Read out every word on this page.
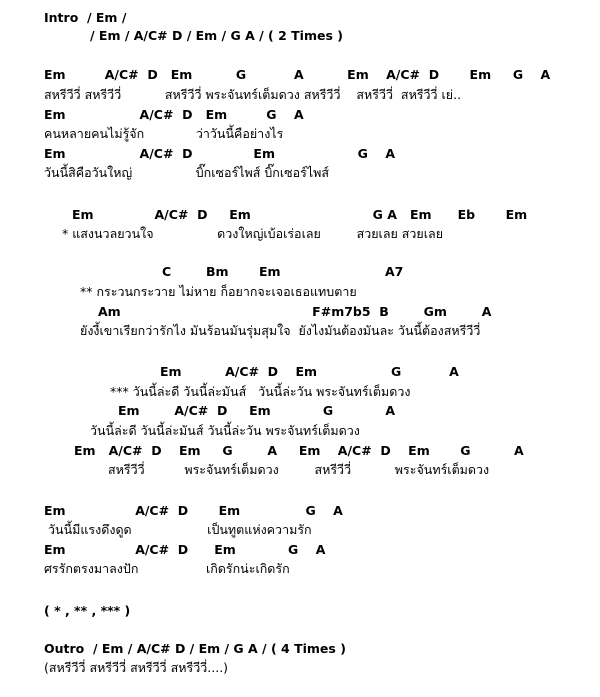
Intro  / Em /
/ Em / A/C# D / Em / G A / ( 2 Times )
Em         A/C#  D   Em          G           A          Em    A/C#  D       Em     G    A
สหรีวีวี่ สหรีวีวี่           สหรีวีวี่ พระจันทร์เต็มดวง สหรีวีวี่    สหรีวีวี่  สหรีวีวี่ เย่..
Em                 A/C#  D   Em         G    A
คนหลายคนไม่รู้จัก             ว่าวันนี้คือย่างไร
Em                 A/C#  D              Em                   G    A
วันนี้สิคือวันใหญ่                บิ๊กเซอร์ไพส์ บิ๊กเซอร์ไพส์
Em              A/C#  D     Em                            G A   Em      Eb       Em
* แสงนวลยวนใจ                ดวงใหญ่เบ้อเร่อเลย         สวยเลย สวยเลย
C        Bm       Em                        A7
** กระวนกระวาย ไม่หาย ก็อยากจะเจอเธอแทบตาย
Am                                            F#m7b5  B        Gm        A
ยังงี้เขาเรียกว่ารักไง มันร้อนมันรุ่มสุมใจ  ยังไงมันต้องมันละ วันนี้ต้องสหรีวีวี่
Em          A/C#  D    Em                 G           A
*** วันนี้ล่ะดี วันนี้ล่ะมันส์   วันนี้ล่ะวัน พระจันทร์เต็มดวง
Em        A/C#  D     Em            G            A
วันนี้ล่ะดี วันนี้ล่ะมันส์ วันนี้ล่ะวัน พระจันทร์เต็มดวง
Em   A/C#  D    Em     G        A     Em    A/C#  D    Em       G          A
สหรีวีวี่          พระจันทร์เต็มดวง         สหรีวีวี่           พระจันทร์เต็มดวง
Em                A/C#  D       Em               G    A
วันนี้มีแรงดึงดูด                   เป็นทูตแห่งความรัก
Em                A/C#  D      Em            G    A
ศรรักตรงมาลงปัก                 เกิดรักน่ะเกิดรัก
( * , ** , *** )
Outro  / Em / A/C# D / Em / G A / ( 4 Times )
(สหรีวีวี่ สหรีวีวี่ สหรีวีวี่ สหรีวีวี่....)
